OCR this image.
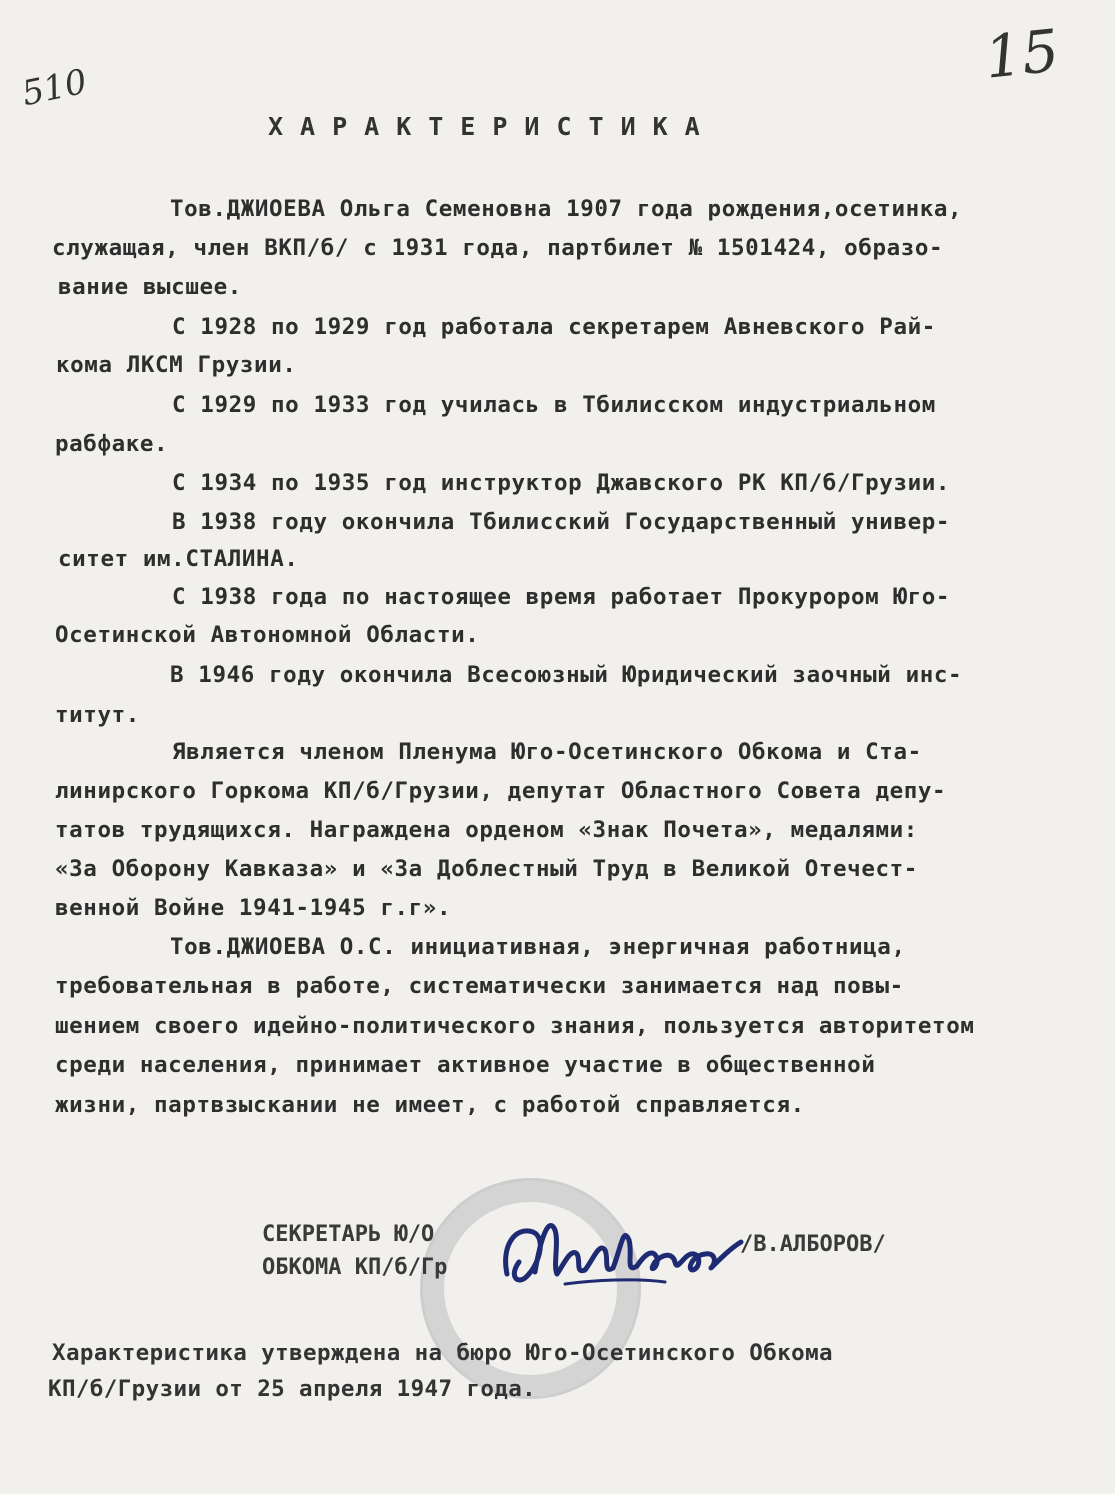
510	15
ХАРАКТЕРИСТИКА
Тов.ДЖИОЕВА Ольга Семеновна 1907 года рождения,осетинка,
служащая, член ВКП/б/ с 1931 года, партбилет № 1501424, образо-
вание высшее.
С 1928 по 1929 год работала секретарем Авневского Рай-
кома ЛКСМ Грузии.
С 1929 по 1933 год училась в Тбилисском индустриальном
рабфаке.
С 1934 по 1935 год инструктор Джавского РК КП/б/Грузии.
В 1938 году окончила Тбилисский Государственный универ-
ситет им.СТАЛИНА.
С 1938 года по настоящее время работает Прокурором Юго-
Осетинской Автономной Области.
В 1946 году окончила Всесоюзный Юридический заочный инс-
титут.
Является членом Пленума Юго-Осетинского Обкома и Ста-
линирского Горкома КП/б/Грузии, депутат Областного Совета депу-
татов трудящихся. Награждена орденом «Знак Почета», медалями:
«За Оборону Кавказа» и «За Доблестный Труд в Великой Отечест-
венной Войне 1941-1945 г.г».
Тов.ДЖИОЕВА О.С. инициативная, энергичная работница,
требовательная в работе, систематически занимается над повы-
шением своего идейно-политического знания, пользуется авторитетом
среди населения, принимает активное участие в общественной
жизни, партвзыскании не имеет, с работой справляется.
СЕКРЕТАРЬ Ю/О
ОБКОМА КП/б/Гр
/В.АЛБОРОВ/
Характеристика утверждена на бюро Юго-Осетинского Обкома
КП/б/Грузии от 25 апреля 1947 года.
